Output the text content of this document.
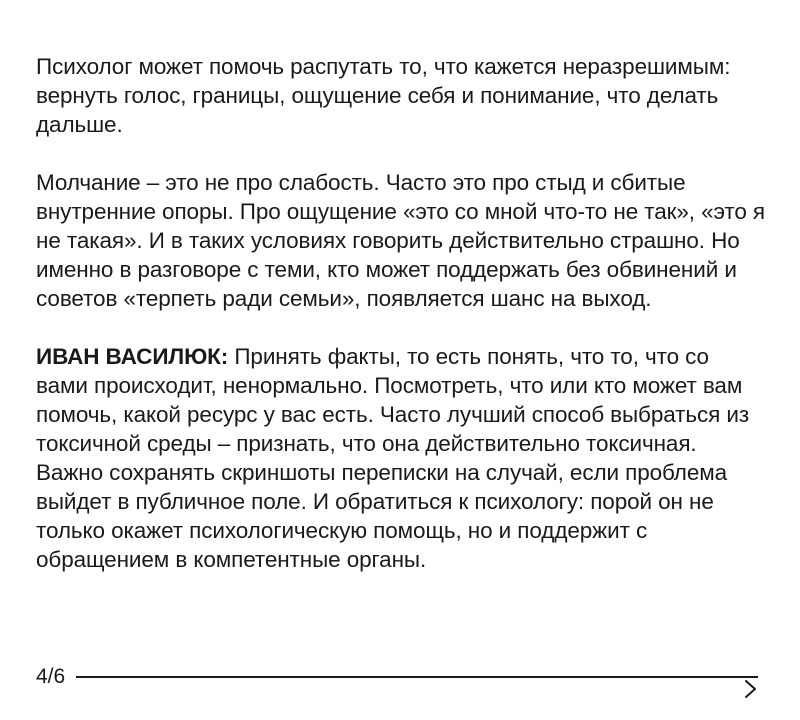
Психолог может помочь распутать то, что кажется неразрешимым: вернуть голос, границы, ощущение себя и понимание, что делать дальше.

Молчание – это не про слабость. Часто это про стыд и сбитые внутренние опоры. Про ощущение «это со мной что-то не так», «это я не такая». И в таких условиях говорить действительно страшно. Но именно в разговоре с теми, кто может поддержать без обвинений и советов «терпеть ради семьи», появляется шанс на выход.

ИВАН ВАСИЛЮК: Принять факты, то есть понять, что то, что со вами происходит, ненормально. Посмотреть, что или кто может вам помочь, какой ресурс у вас есть. Часто лучший способ выбраться из токсичной среды – признать, что она действительно токсичная. Важно сохранять скриншоты переписки на случай, если проблема выйдет в публичное поле. И обратиться к психологу: порой он не только окажет психологическую помощь, но и поддержит с обращением в компетентные органы.

4/6
